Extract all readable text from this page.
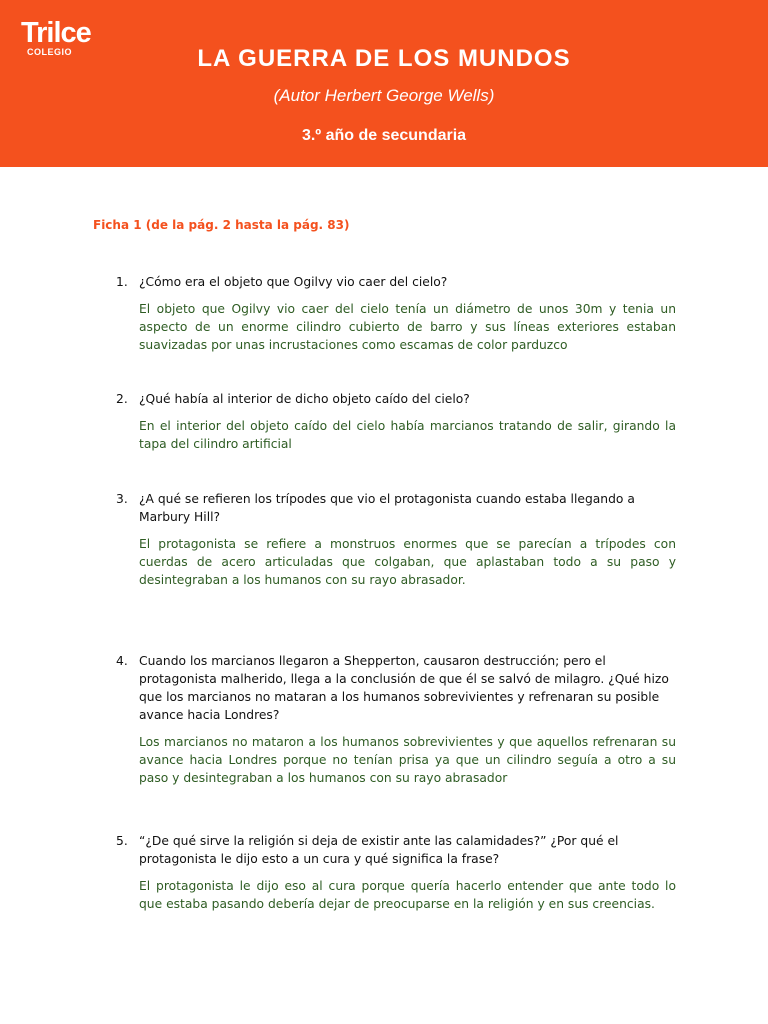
Trilce
COLEGIO	LA GUERRA DE LOS MUNDOS
(Autor Herbert George Wells)
3.º año de secundaria
Ficha 1 (de la pág. 2 hasta la pág. 83)
1. ¿Cómo era el objeto que Ogilvy vio caer del cielo?
El objeto que Ogilvy vio caer del cielo tenía un diámetro de unos 30m y tenia un aspecto de un enorme cilindro cubierto de barro y sus líneas exteriores estaban suavizadas por unas incrustaciones como escamas de color parduzco
2. ¿Qué había al interior de dicho objeto caído del cielo?
En el interior del objeto caído del cielo había marcianos tratando de salir, girando la tapa del cilindro artificial
3. ¿A qué se refieren los trípodes que vio el protagonista cuando estaba llegando a Marbury Hill?
El protagonista se refiere a monstruos enormes que se parecían a trípodes con cuerdas de acero articuladas que colgaban, que aplastaban todo a su paso y desintegraban a los humanos con su rayo abrasador.
4. Cuando los marcianos llegaron a Shepperton, causaron destrucción; pero el protagonista malherido, llega a la conclusión de que él se salvó de milagro. ¿Qué hizo que los marcianos no mataran a los humanos sobrevivientes y refrenaran su posible avance hacia Londres?
Los marcianos no mataron a los humanos sobrevivientes y que aquellos refrenaran su avance hacia Londres porque no tenían prisa ya que un cilindro seguía a otro a su paso y desintegraban a los humanos con su rayo abrasador
5. “¿De qué sirve la religión si deja de existir ante las calamidades?” ¿Por qué el protagonista le dijo esto a un cura y qué significa la frase?
El protagonista le dijo eso al cura porque quería hacerlo entender que ante todo lo que estaba pasando debería dejar de preocuparse en la religión y en sus creencias.
